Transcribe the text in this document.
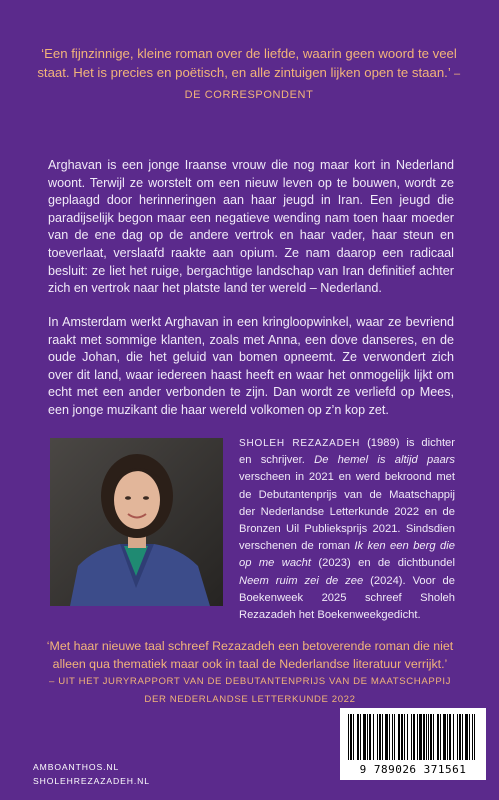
‘Een fijnzinnige, kleine roman over de liefde, waarin geen woord te veel staat. Het is precies en poëtisch, en alle zintuigen lijken open te staan.’ – DE CORRESPONDENT
Arghavan is een jonge Iraanse vrouw die nog maar kort in Nederland woont. Terwijl ze worstelt om een nieuw leven op te bouwen, wordt ze geplaagd door herinneringen aan haar jeugd in Iran. Een jeugd die paradijselijk begon maar een negatieve wending nam toen haar moeder van de ene dag op de andere vertrok en haar vader, haar steun en toeverlaat, verslaafd raakte aan opium. Ze nam daarop een radicaal besluit: ze liet het ruige, bergachtige landschap van Iran definitief achter zich en vertrok naar het platste land ter wereld – Nederland.
In Amsterdam werkt Arghavan in een kringloopwinkel, waar ze bevriend raakt met sommige klanten, zoals met Anna, een dove danseres, en de oude Johan, die het geluid van bomen opneemt. Ze verwondert zich over dit land, waar iedereen haast heeft en waar het onmogelijk lijkt om echt met een ander verbonden te zijn. Dan wordt ze verliefd op Mees, een jonge muzikant die haar wereld volkomen op z’n kop zet.
SHOLEH REZAZADEH (1989) is dichter en schrijver. De hemel is altijd paars verscheen in 2021 en werd bekroond met de Debutantenprijs van de Maatschappij der Nederlandse Letterkunde 2022 en de Bronzen Uil Publieksprijs 2021. Sindsdien verschenen de roman Ik ken een berg die op me wacht (2023) en de dichtbundel Neem ruim zei de zee (2024). Voor de Boekenweek 2025 schreef Sholeh Rezazadeh het Boekenweekgedicht.
‘Met haar nieuwe taal schreef Rezazadeh een betoverende roman die niet alleen qua thematiek maar ook in taal de Nederlandse literatuur verrijkt.’
– UIT HET JURYRAPPORT VAN DE DEBUTANTENPRIJS VAN DE MAATSCHAPPIJ
DER NEDERLANDSE LETTERKUNDE 2022
AMBOANTHOS.NL
SHOLEHREZAZADEH.NL
9 789026 371561
